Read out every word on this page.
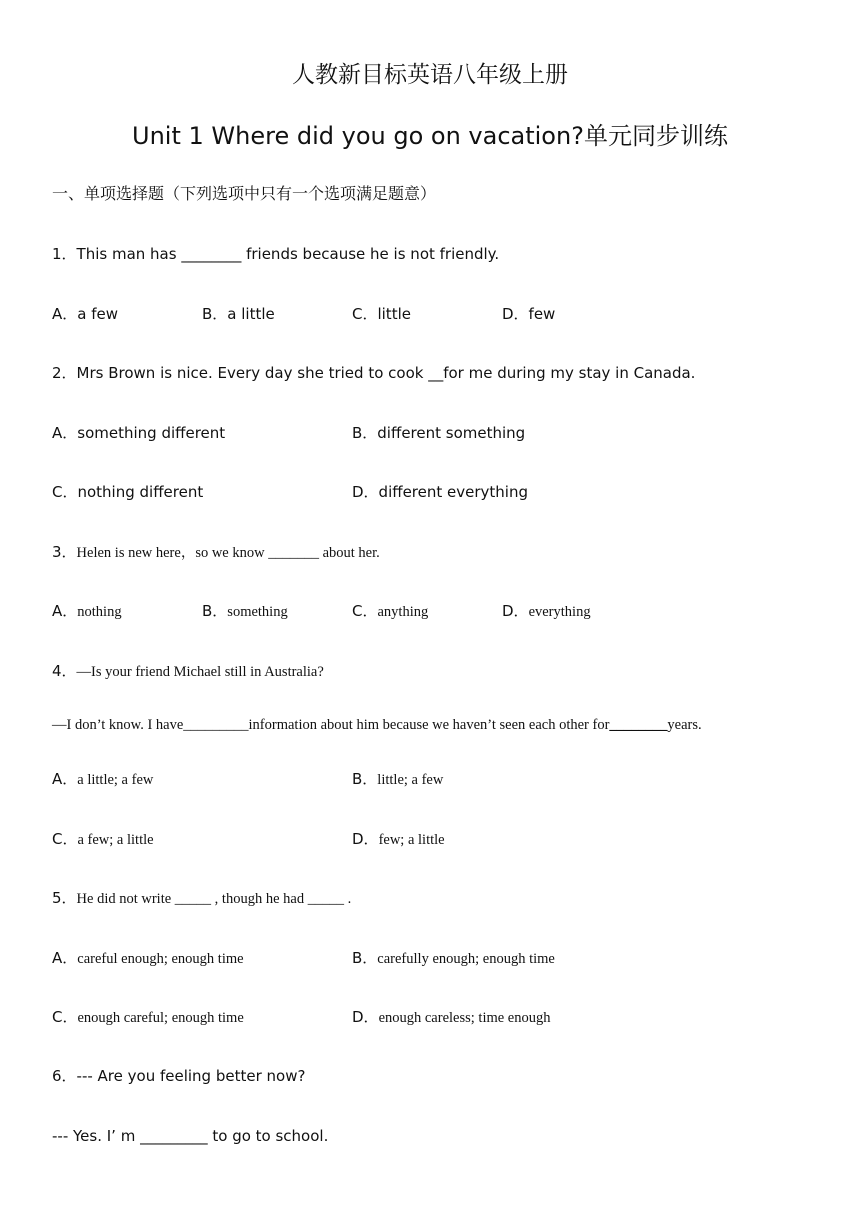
人教新目标英语八年级上册
Unit 1 Where did you go on vacation?单元同步训练
一、单项选择题（下列选项中只有一个选项满足题意）
1．This man has ________ friends because he is not friendly.
A．a few	B．a little	C．little	D．few
2．Mrs Brown is nice. Every day she tried to cook __for me during my stay in Canada.
A．something different	B．different something
C．nothing different	D．different everything
3．Helen is new here，so we know _______ about her.
A．nothing	B．something	C．anything	D．everything
4．—Is your friend Michael still in Australia?
—I don’t know. I have_________information about him because we haven’t seen each other for________years.
A．a little; a few	B．little; a few
C．a few; a little	D．few; a little
5．He did not write _____ , though he had _____ .
A．careful enough; enough time	B．carefully enough; enough time
C．enough careful; enough time	D．enough careless; time enough
6．--- Are you feeling better now?
--- Yes. I’ m _________ to go to school.
